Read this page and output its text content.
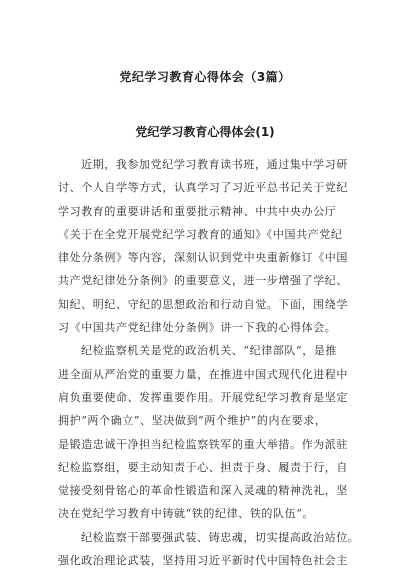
党纪学习教育心得体会（3篇）
党纪学习教育心得体会(1)
近期，我参加党纪学习教育读书班，通过集中学习研
讨、个人自学等方式，认真学习了习近平总书记关于党纪
学习教育的重要讲话和重要批示精神、中共中央办公厅
《关于在全党开展党纪学习教育的通知》《中国共产党纪
律处分条例》等内容，深刻认识到党中央重新修订《中国
共产党纪律处分条例》的重要意义，进一步增强了学纪、
知纪、明纪、守纪的思想政治和行动自觉。下面，围绕学
习《中国共产党纪律处分条例》讲一下我的心得体会。
纪检监察机关是党的政治机关、“纪律部队”，是推
进全面从严治党的重要力量，在推进中国式现代化进程中
肩负重要使命、发挥重要作用。开展党纪学习教育是坚定
拥护“两个确立”、坚决做到“两个维护”的内在要求，
是锻造忠诚干净担当纪检监察铁军的重大举措。作为派驻
纪检监察组，要主动知责于心、担责于身、履责于行，自
觉接受刻骨铭心的革命性锻造和深入灵魂的精神洗礼，坚
决在党纪学习教育中铸就“铁的纪律、铁的队伍”。
纪检监察干部要强武装、铸忠魂，切实提高政治站位。
强化政治理论武装，坚持用习近平新时代中国特色社会主
